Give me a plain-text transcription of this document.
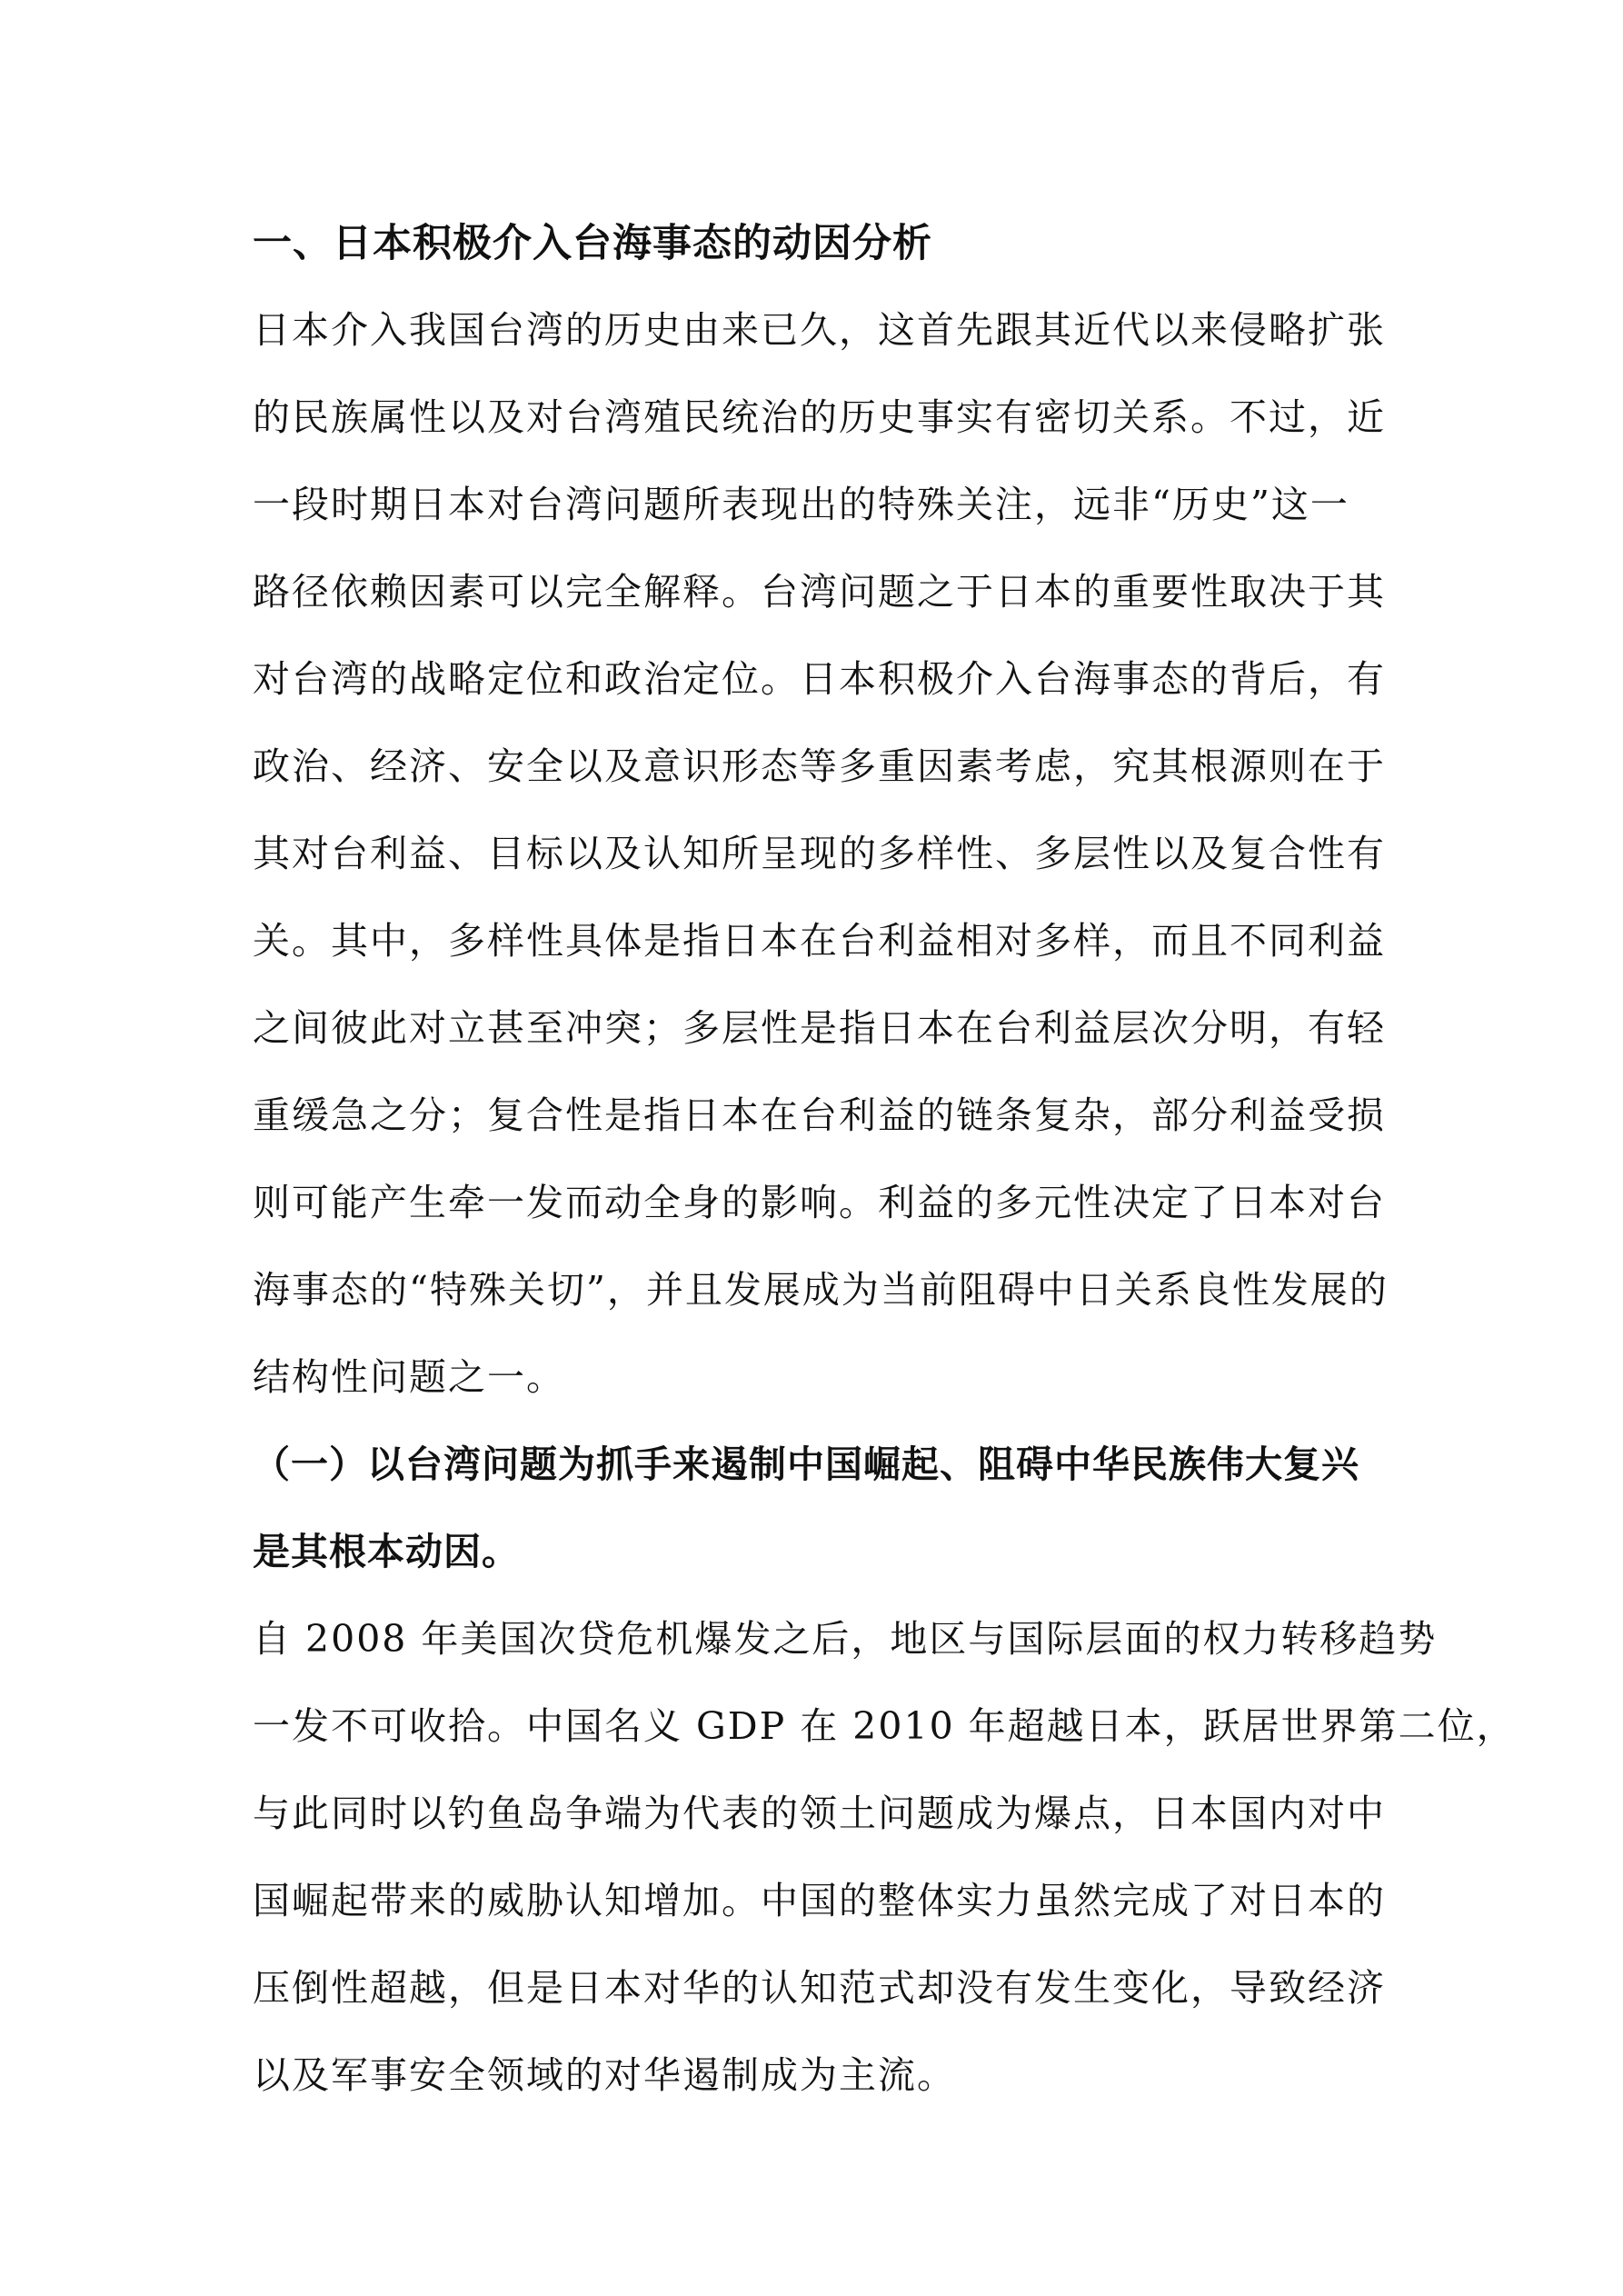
一、日本积极介入台海事态的动因分析
日本介入我国台湾的历史由来已久，这首先跟其近代以来侵略扩张
的民族属性以及对台湾殖民统治的历史事实有密切关系。不过，近
一段时期日本对台湾问题所表现出的特殊关注，远非“历史”这一
路径依赖因素可以完全解释。台湾问题之于日本的重要性取决于其
对台湾的战略定位和政治定位。日本积极介入台海事态的背后，有
政治、经济、安全以及意识形态等多重因素考虑，究其根源则在于
其对台利益、目标以及认知所呈现的多样性、多层性以及复合性有
关。其中，多样性具体是指日本在台利益相对多样，而且不同利益
之间彼此对立甚至冲突；多层性是指日本在台利益层次分明，有轻
重缓急之分；复合性是指日本在台利益的链条复杂，部分利益受损
则可能产生牵一发而动全身的影响。利益的多元性决定了日本对台
海事态的“特殊关切”，并且发展成为当前阻碍中日关系良性发展的
结构性问题之一。
（一）以台湾问题为抓手来遏制中国崛起、阻碍中华民族伟大复兴
是其根本动因。
自 2008 年美国次贷危机爆发之后，地区与国际层面的权力转移趋势
一发不可收拾。中国名义 GDP 在 2010 年超越日本，跃居世界第二位，
与此同时以钓鱼岛争端为代表的领土问题成为爆点，日本国内对中
国崛起带来的威胁认知增加。中国的整体实力虽然完成了对日本的
压倒性超越，但是日本对华的认知范式却没有发生变化，导致经济
以及军事安全领域的对华遏制成为主流。
